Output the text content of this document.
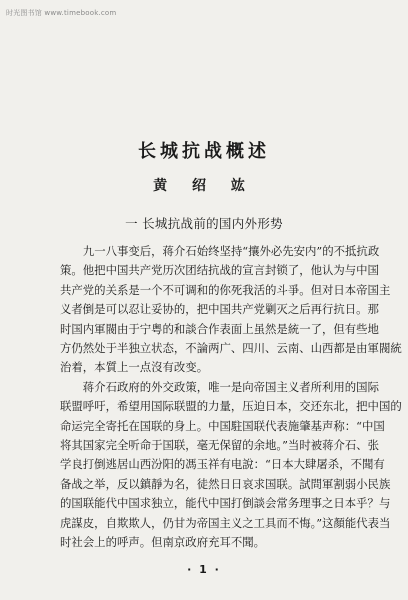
时光图书馆 www.timebook.com
长城抗战概述
黄 绍 竑
一 长城抗战前的国内外形势

九一八事变后，蒋介石始终坚持“攘外必先安内”的不抵抗政
策。他把中国共产党历次团结抗战的宣言封锁了，他认为与中国
共产党的关系是一个不可调和的你死我活的斗爭。但对日本帝国主
义者倒是可以忍让妥协的，把中国共产党剿灭之后再行抗日。那
时国内軍閥由于宁粤的和談合作表面上虽然是統一了，但有些地
方仍然处于半独立状态，不論两广、四川、云南、山西都是由軍閥統
治着，本質上一点沒有改变。

蒋介石政府的外交政策，唯一是向帝国主义者所利用的国际
联盟呼吁，希望用国际联盟的力量，压迫日本，交还东北，把中国的
命运完全寄托在国联的身上。中国駐国联代表施肇基声称：“中国
将其国家完全听命于国联，毫无保留的余地。”当时被蒋介石、张
学良打倒逃居山西汾阳的馮玉祥有电說：“日本大肆屠杀，不聞有
备战之举，反以鎮靜为名，徒然日日哀求国联。試問軍割弱小民族
的国联能代中国求独立，能代中国打倒談会常务理事之日本乎？与
虎謀皮，自欺欺人，仍甘为帝国主义之工具而不悔。”这顏能代表当
时社会上的呼声。但南京政府充耳不聞。

· 1 ·
